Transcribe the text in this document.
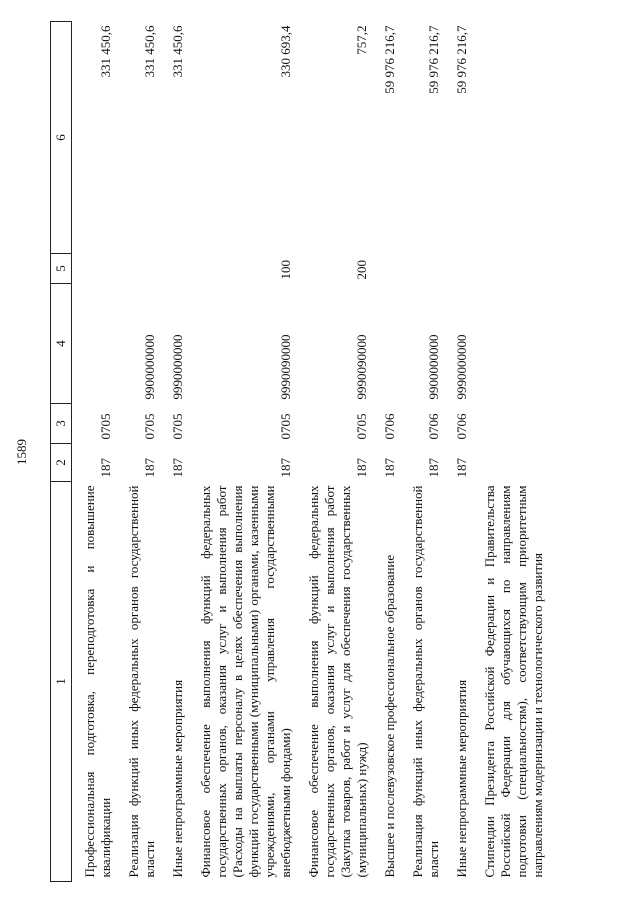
1589
1	2	3	4	5	6
Профессиональная подготовка, переподготовка и повышение квалификации	187	0705			331 450,6
Реализация функций иных федеральных органов государственной власти	187	0705	9900000000		331 450,6
Иные непрограммные мероприятия	187	0705	9990000000		331 450,6
Финансовое обеспечение выполнения функций федеральных государственных органов, оказания услуг и выполнения работ (Расходы на выплаты персоналу в целях обеспечения выполнения функций государственными (муниципальными) органами, казенными учреждениями, органами управления государственными внебюджетными фондами)	187	0705	9990090000	100	330 693,4
Финансовое обеспечение выполнения функций федеральных государственных органов, оказания услуг и выполнения работ (Закупка товаров, работ и услуг для обеспечения государственных (муниципальных) нужд)	187	0705	9990090000	200	757,2
Высшее и послевузовское профессиональное образование	187	0706			59 976 216,7
Реализация функций иных федеральных органов государственной власти	187	0706	9900000000		59 976 216,7
Иные непрограммные мероприятия	187	0706	9990000000		59 976 216,7
Стипендии Президента Российской Федерации и Правительства Российской Федерации для обучающихся по направлениям подготовки (специальностям), соответствующим приоритетным направлениям модернизации и технологического развития					
